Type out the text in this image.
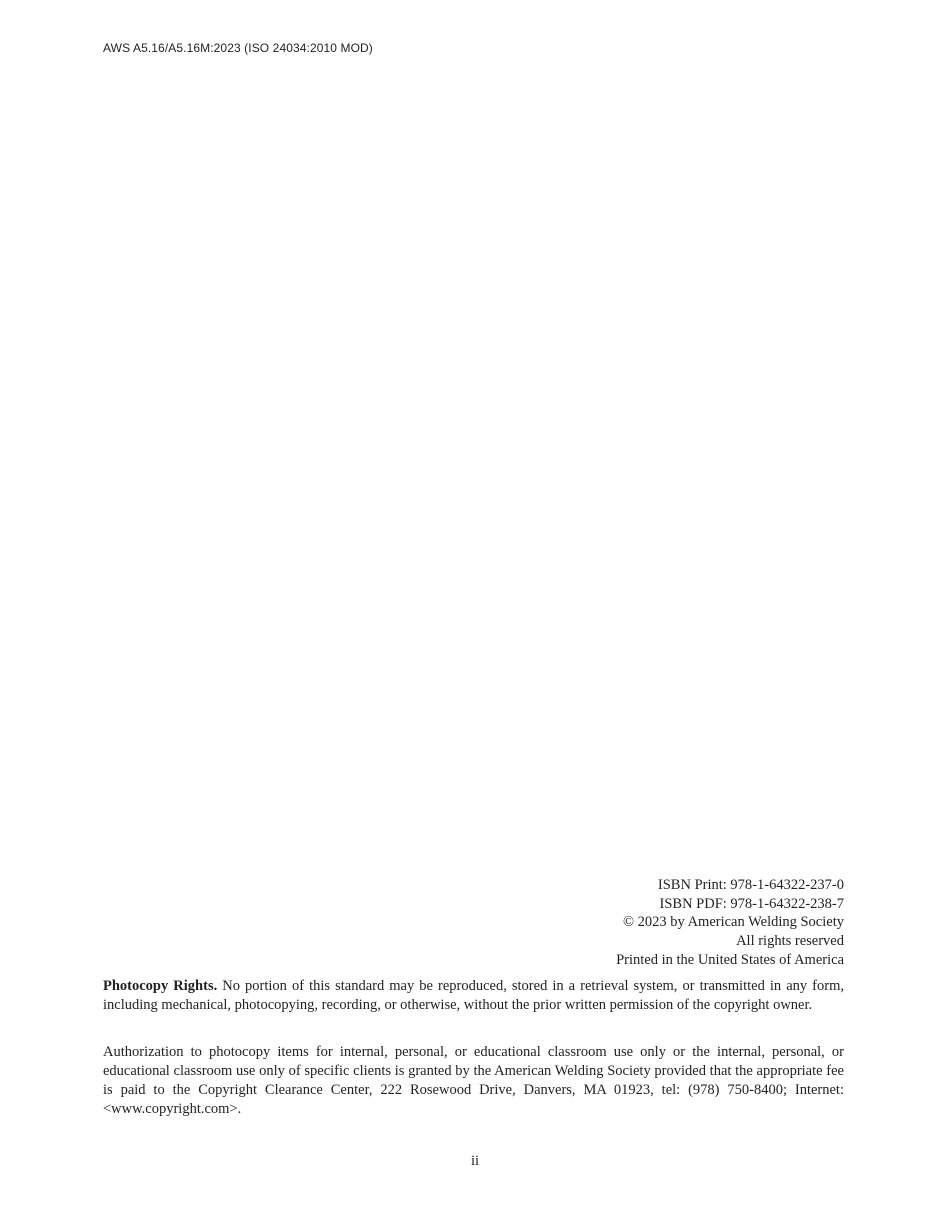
AWS A5.16/A5.16M:2023 (ISO 24034:2010 MOD)
ISBN Print: 978-1-64322-237-0
ISBN PDF: 978-1-64322-238-7
© 2023 by American Welding Society
All rights reserved
Printed in the United States of America

Photocopy Rights. No portion of this standard may be reproduced, stored in a retrieval system, or transmitted in any form, including mechanical, photocopying, recording, or otherwise, without the prior written permission of the copyright owner.

Authorization to photocopy items for internal, personal, or educational classroom use only or the internal, personal, or educational classroom use only of specific clients is granted by the American Welding Society provided that the appropriate fee is paid to the Copyright Clearance Center, 222 Rosewood Drive, Danvers, MA 01923, tel: (978) 750-8400; Internet: <www.copyright.com>.

ii
